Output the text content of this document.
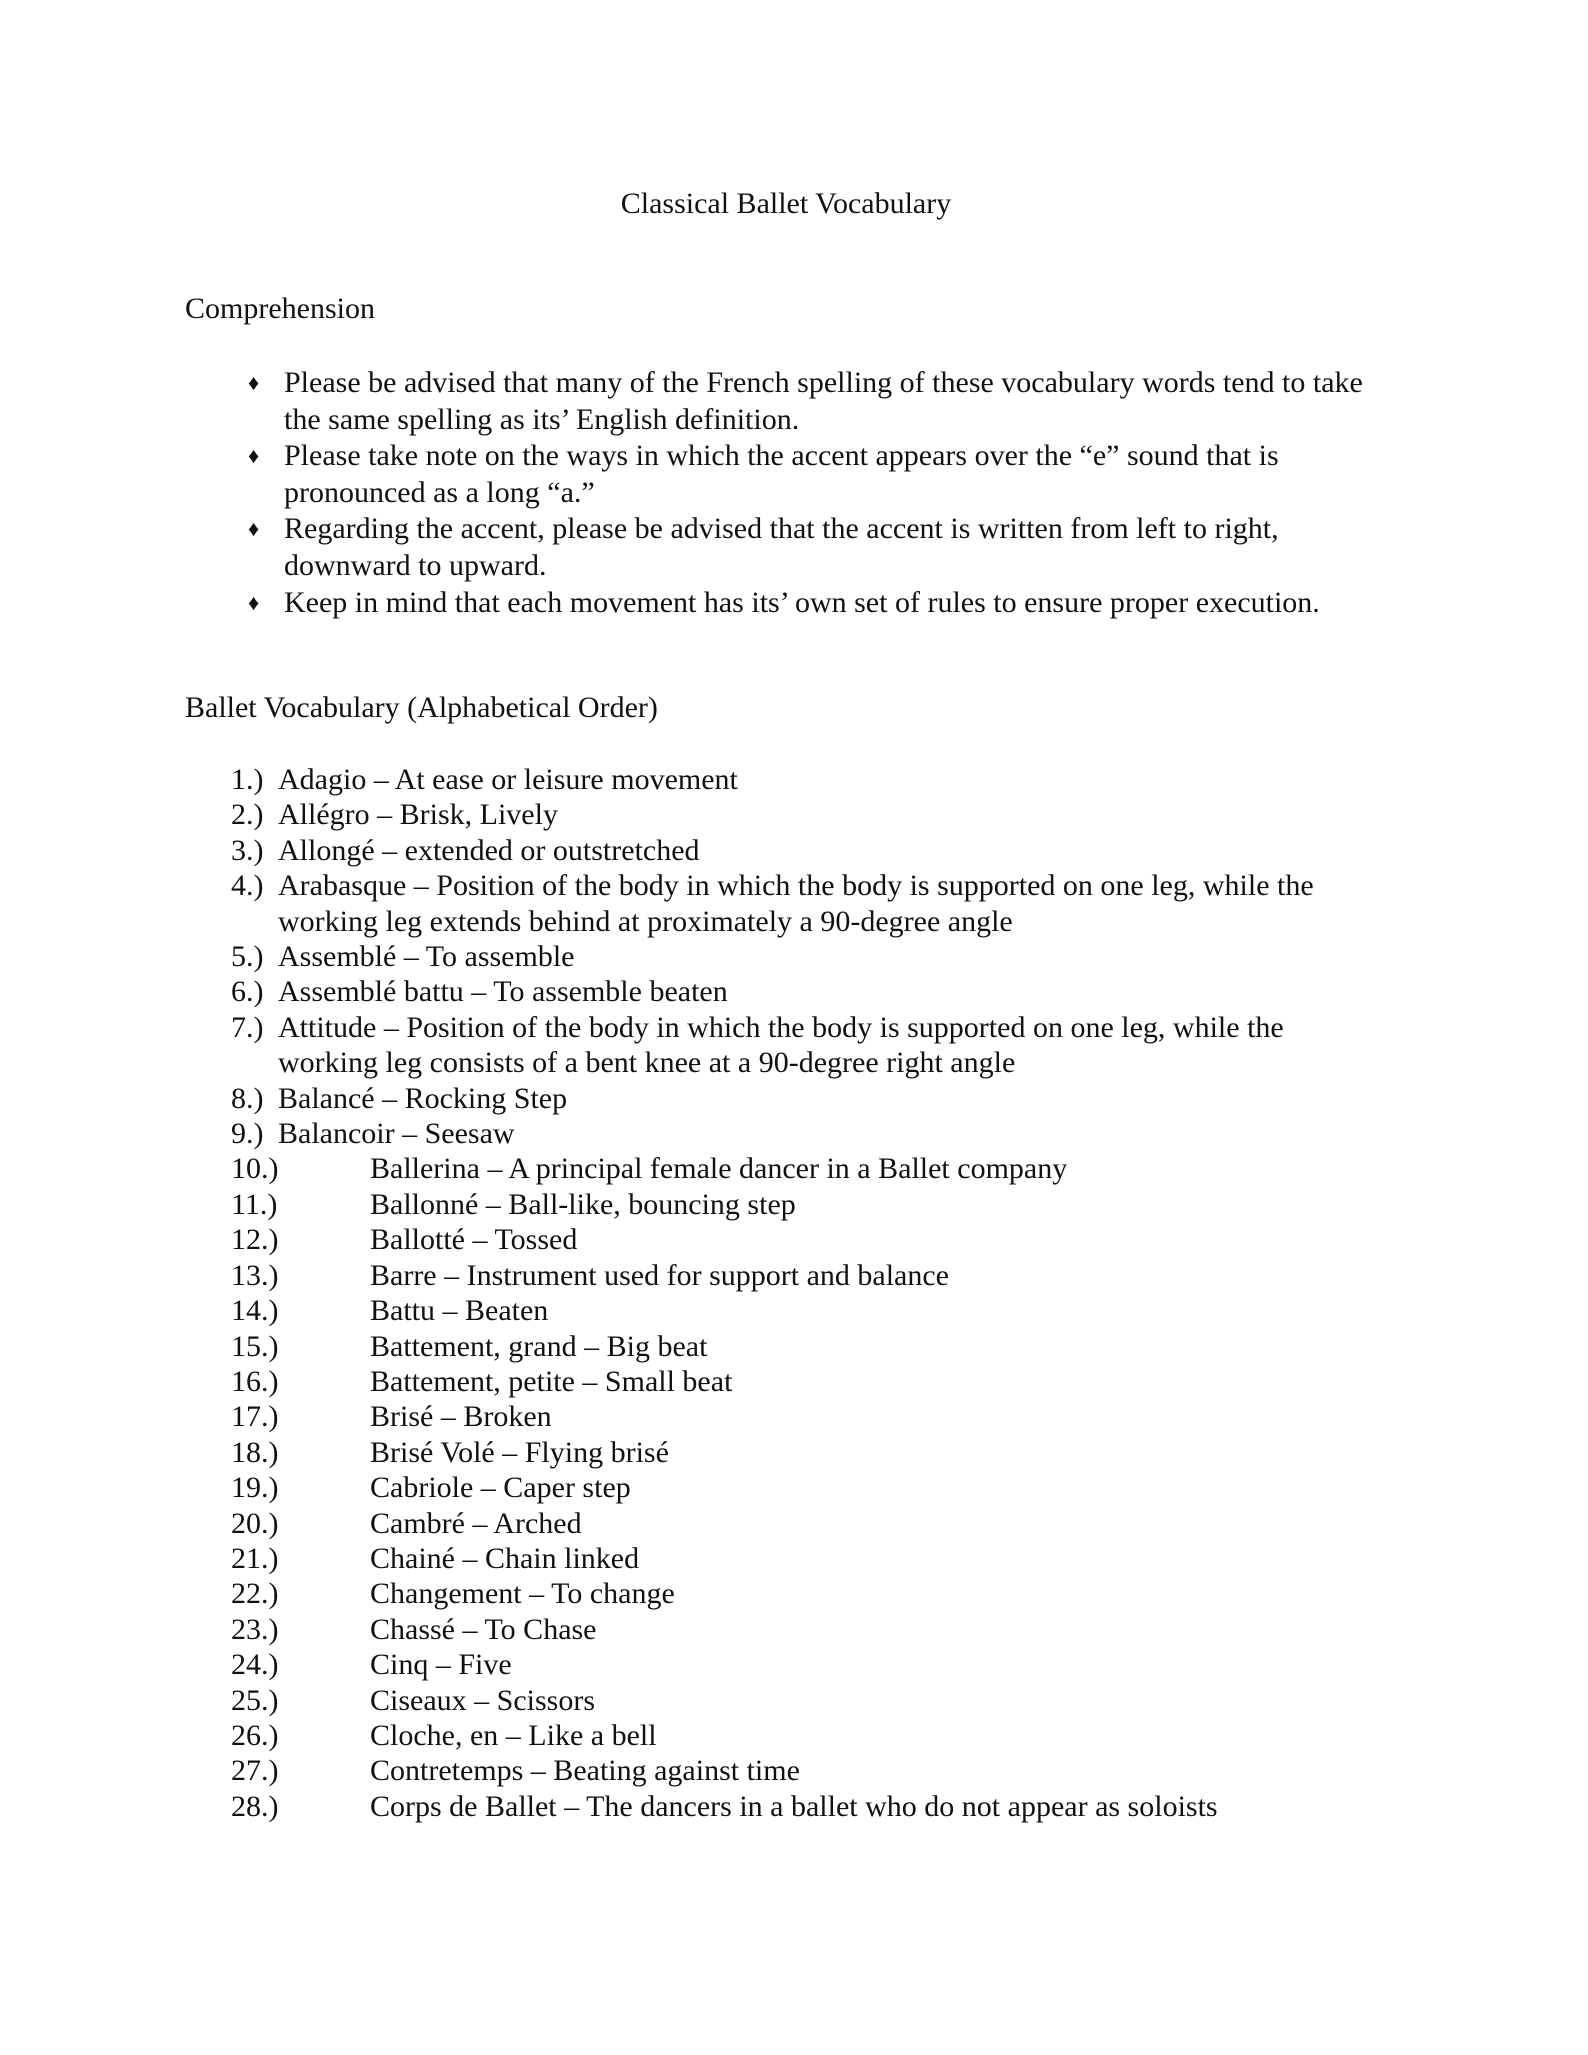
Classical Ballet Vocabulary
Comprehension
♦ Please be advised that many of the French spelling of these vocabulary words tend to take the same spelling as its’ English definition.
♦ Please take note on the ways in which the accent appears over the “e” sound that is pronounced as a long “a.”
♦ Regarding the accent, please be advised that the accent is written from left to right, downward to upward.
♦ Keep in mind that each movement has its’ own set of rules to ensure proper execution.
Ballet Vocabulary (Alphabetical Order)
1.) Adagio – At ease or leisure movement
2.) Allégro – Brisk, Lively
3.) Allongé – extended or outstretched
4.) Arabasque – Position of the body in which the body is supported on one leg, while the working leg extends behind at proximately a 90-degree angle
5.) Assemblé – To assemble
6.) Assemblé battu – To assemble beaten
7.) Attitude – Position of the body in which the body is supported on one leg, while the working leg consists of a bent knee at a 90-degree right angle
8.) Balancé – Rocking Step
9.) Balancoir – Seesaw
10.)	Ballerina – A principal female dancer in a Ballet company
11.)	Ballonné – Ball-like, bouncing step
12.)	Ballotté – Tossed
13.)	Barre – Instrument used for support and balance
14.)	Battu – Beaten
15.)	Battement, grand – Big beat
16.)	Battement, petite – Small beat
17.)	Brisé – Broken
18.)	Brisé Volé – Flying brisé
19.)	Cabriole – Caper step
20.)	Cambré – Arched
21.)	Chainé – Chain linked
22.)	Changement – To change
23.)	Chassé – To Chase
24.)	Cinq – Five
25.)	Ciseaux – Scissors
26.)	Cloche, en – Like a bell
27.)	Contretemps – Beating against time
28.)	Corps de Ballet – The dancers in a ballet who do not appear as soloists
